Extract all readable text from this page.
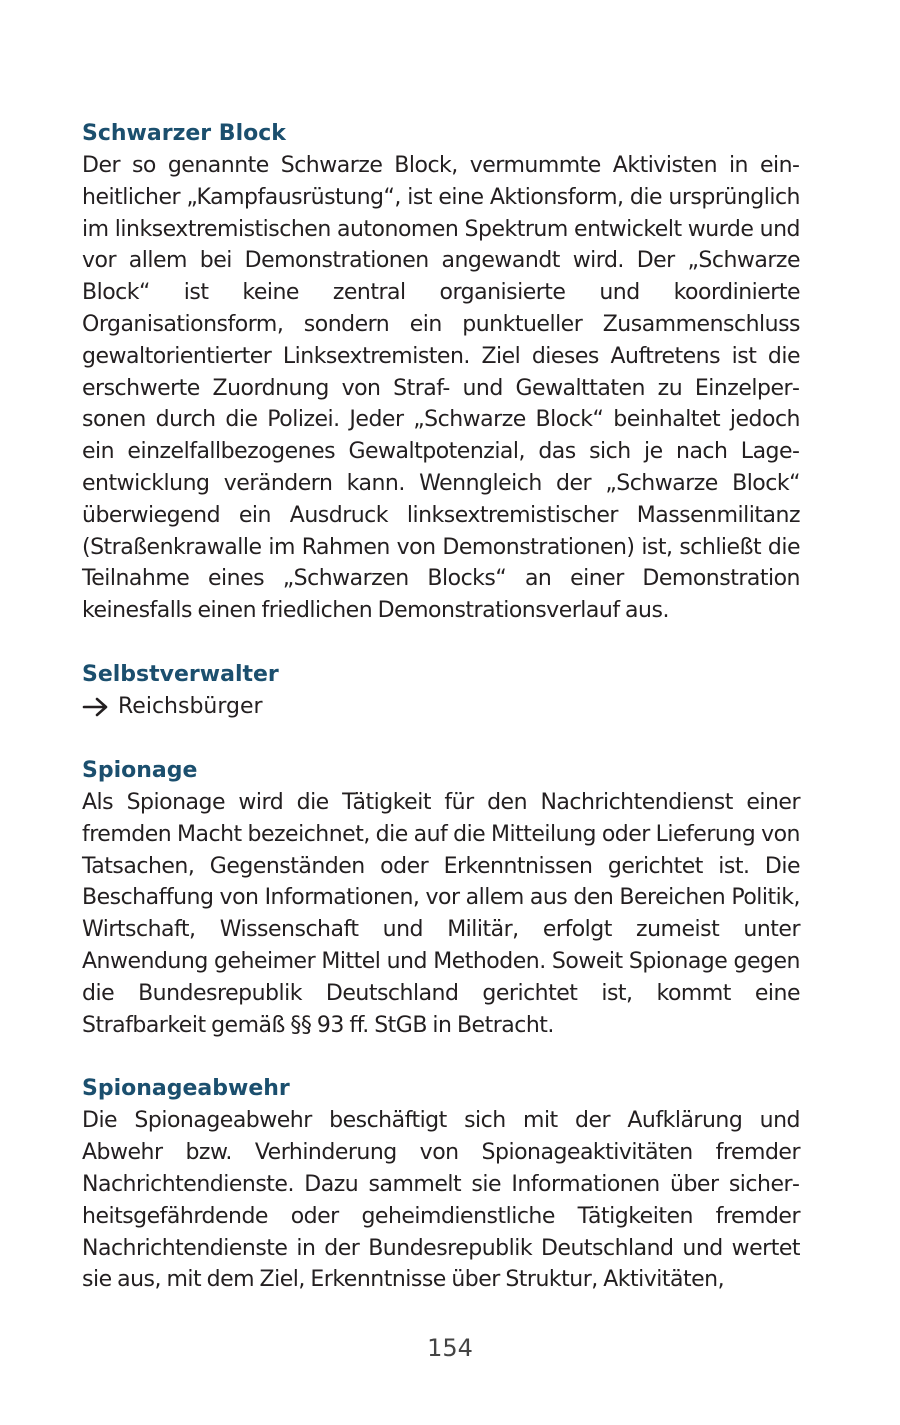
Schwarzer Block

Der so genannte Schwarze Block, vermummte Aktivisten in einheitlicher „Kampfausrüstung“, ist eine Aktionsform, die ursprünglich im linksextremistischen autonomen Spektrum entwickelt wurde und vor allem bei Demonstrationen angewandt wird. Der „Schwarze Block“ ist keine zentral organisierte und koordinierte Organisationsform, sondern ein punktueller Zusammenschluss gewaltorientierter Linksextremisten. Ziel dieses Auftretens ist die erschwerte Zuordnung von Straf- und Gewalttaten zu Einzelpersonen durch die Polizei. Jeder „Schwarze Block“ beinhaltet jedoch ein einzelfallbezogenes Gewaltpotenzial, das sich je nach Lageentwicklung verändern kann. Wenngleich der „Schwarze Block“ überwiegend ein Ausdruck linksextremistischer Massenmilitanz (Straßenkrawalle im Rahmen von Demonstrationen) ist, schließt die Teilnahme eines „Schwarzen Blocks“ an einer Demonstration keinesfalls einen friedlichen Demonstrationsverlauf aus.

Selbstverwalter

Reichsbürger

Spionage

Als Spionage wird die Tätigkeit für den Nachrichtendienst einer fremden Macht bezeichnet, die auf die Mitteilung oder Lieferung von Tatsachen, Gegenständen oder Erkenntnissen gerichtet ist. Die Beschaffung von Informationen, vor allem aus den Bereichen Politik, Wirtschaft, Wissenschaft und Militär, erfolgt zumeist unter Anwendung geheimer Mittel und Methoden. Soweit Spionage gegen die Bundesrepublik Deutschland gerichtet ist, kommt eine Strafbarkeit gemäß §§ 93 ff. StGB in Betracht.

Spionageabwehr

Die Spionageabwehr beschäftigt sich mit der Aufklärung und Abwehr bzw. Verhinderung von Spionageaktivitäten fremder Nachrichtendienste. Dazu sammelt sie Informationen über sicherheitsgefährdende oder geheimdienstliche Tätigkeiten fremder Nachrichtendienste in der Bundesrepublik Deutschland und wertet sie aus, mit dem Ziel, Erkenntnisse über Struktur, Aktivitäten,

154
